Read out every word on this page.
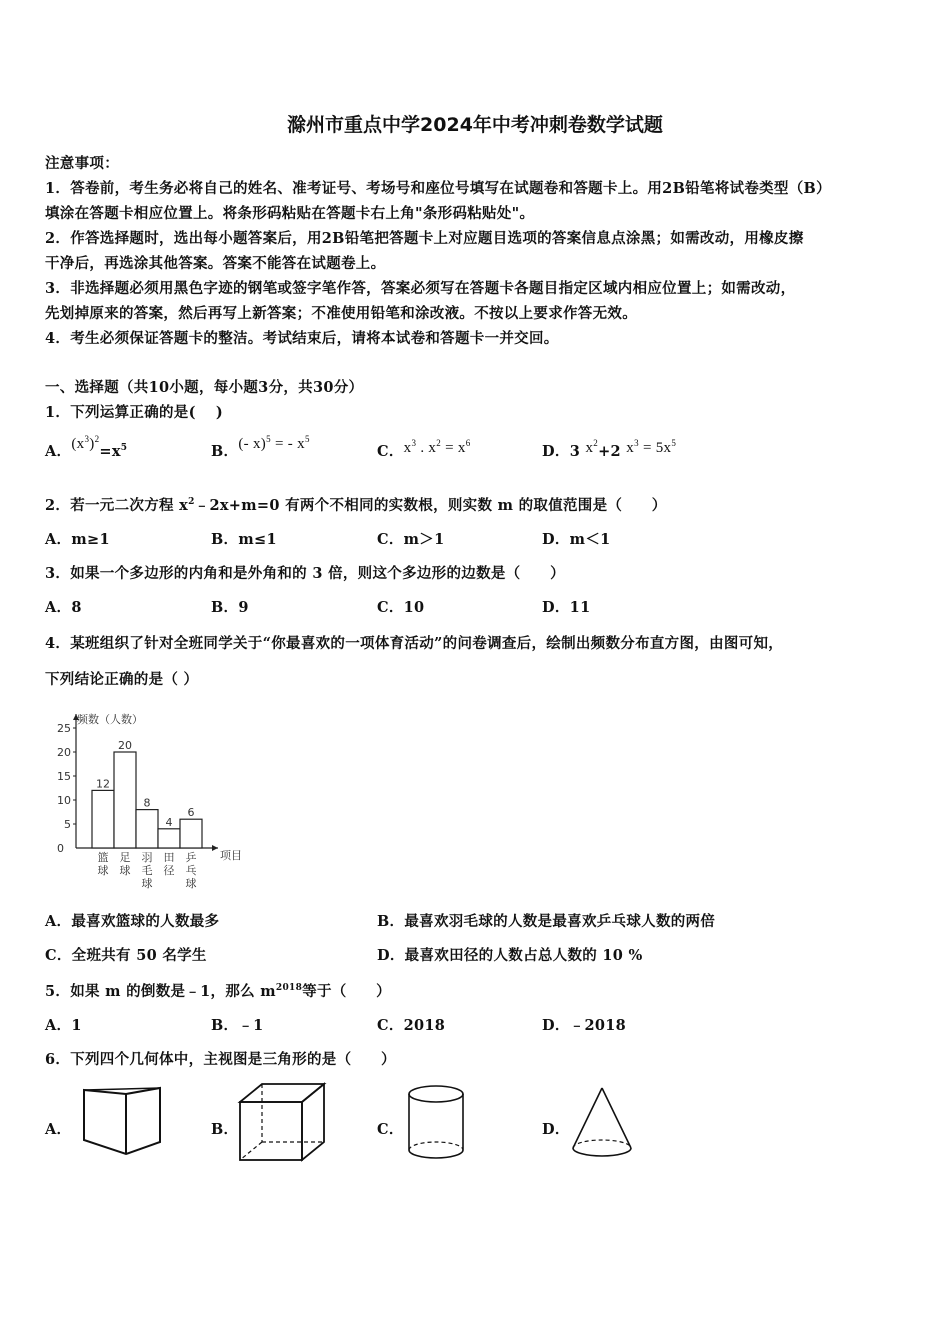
滁州市重点中学2024年中考冲刺卷数学试题
注意事项：
1．答卷前，考生务必将自己的姓名、准考证号、考场号和座位号填写在试题卷和答题卡上。用2B铅笔将试卷类型（B）
填涂在答题卡相应位置上。将条形码粘贴在答题卡右上角"条形码粘贴处"。
2．作答选择题时，选出每小题答案后，用2B铅笔把答题卡上对应题目选项的答案信息点涂黑；如需改动，用橡皮擦
干净后，再选涂其他答案。答案不能答在试题卷上。
3．非选择题必须用黑色字迹的钢笔或签字笔作答，答案必须写在答题卡各题目指定区域内相应位置上；如需改动，
先划掉原来的答案，然后再写上新答案；不准使用铅笔和涂改液。不按以上要求作答无效。
4．考生必须保证答题卡的整洁。考试结束后，请将本试卷和答题卡一并交回。
一、选择题（共10小题，每小题3分，共30分）
1．下列运算正确的是(　 )
A．$(x^3)^2=x^5$	B．(- x)$^5$ = - $x^5$
C．$x^3$ . $x^2 = x^6$	D．3 $x^2+2$ $x^3 = 5x^5$
2．若一元二次方程 $x^2﹣2x+m=0$ 有两个不相同的实数根，则实数 m 的取值范围是（　　）
A．m≥1	B．m≤1	C．m＞1	D．m＜1
3．如果一个多边形的内角和是外角和的 3 倍，则这个多边形的边数是（　　）
A．8	B．9	C．10	D．11
4．某班组织了针对全班同学关于“你最喜欢的一项体育活动”的问卷调查后，绘制出频数分布直方图，由图可知，
下列结论正确的是（ ）
频数（人数）
项目
0
5
10
15
20
25
12
篮
球
20
足
球
8
羽
毛
球
4
田
径
6
乒
乓
球
A．最喜欢篮球的人数最多	B．最喜欢羽毛球的人数是最喜欢乒乓球人数的两倍
C．全班共有 50 名学生	D．最喜欢田径的人数占总人数的 10 %
5．如果 m 的倒数是﹣1，那么 $m^{2018}$等于（　　）
A．1	B．﹣1	C．2018	D．﹣2018
6．下列四个几何体中，主视图是三角形的是（　　）
A．	B．	C．	D．
